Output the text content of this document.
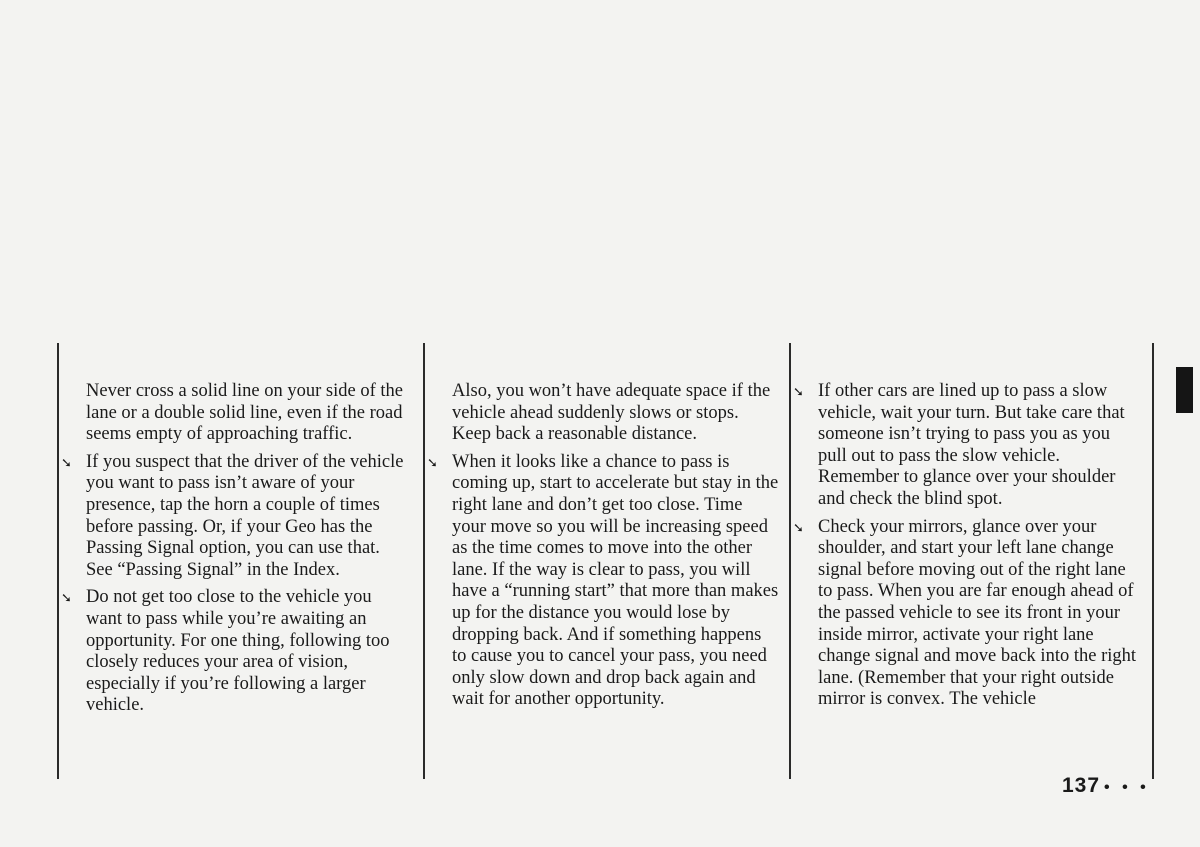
Never cross a solid line on your side of the lane or a double solid line, even if the road seems empty of approaching traffic.

➘ If you suspect that the driver of the vehicle you want to pass isn’t aware of your presence, tap the horn a couple of times before passing. Or, if your Geo has the Passing Signal option, you can use that. See “Passing Signal” in the Index.

➘ Do not get too close to the vehicle you want to pass while you’re awaiting an opportunity. For one thing, following too closely reduces your area of vision, especially if you’re following a larger vehicle.

Also, you won’t have adequate space if the vehicle ahead suddenly slows or stops. Keep back a reasonable distance.

➘ When it looks like a chance to pass is coming up, start to accelerate but stay in the right lane and don’t get too close. Time your move so you will be increasing speed as the time comes to move into the other lane. If the way is clear to pass, you will have a “running start” that more than makes up for the distance you would lose by dropping back. And if something happens to cause you to cancel your pass, you need only slow down and drop back again and wait for another opportunity.

➘ If other cars are lined up to pass a slow vehicle, wait your turn. But take care that someone isn’t trying to pass you as you pull out to pass the slow vehicle. Remember to glance over your shoulder and check the blind spot.

➘ Check your mirrors, glance over your shoulder, and start your left lane change signal before moving out of the right lane to pass. When you are far enough ahead of the passed vehicle to see its front in your inside mirror, activate your right lane change signal and move back into the right lane. (Remember that your right outside mirror is convex. The vehicle

137 • • •
